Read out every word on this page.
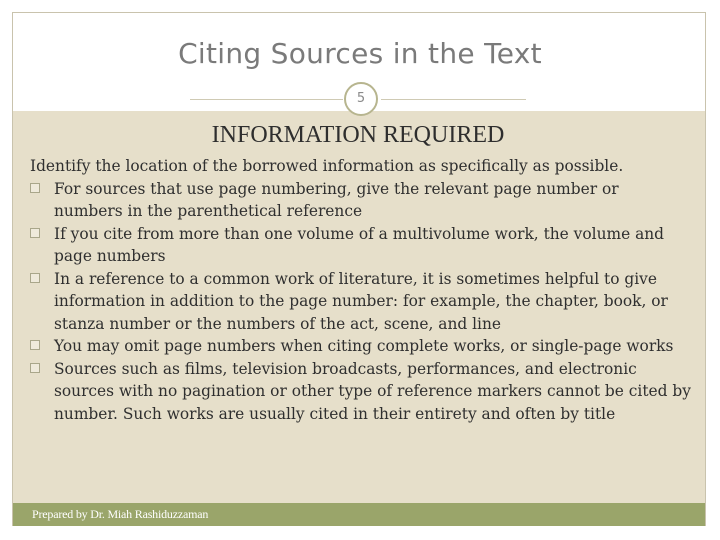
Citing Sources in the Text
5
INFORMATION REQUIRED

Identify the location of the borrowed information as specifically as possible.

For sources that use page numbering, give the relevant page number or numbers in the parenthetical reference
If you cite from more than one volume of a multivolume work, the volume and page numbers
In a reference to a common work of literature, it is sometimes helpful to give information in addition to the page number: for example, the chapter, book, or stanza number or the numbers of the act, scene, and line
You may omit page numbers when citing complete works, or single-page works
Sources such as films, television broadcasts, performances, and electronic sources with no pagination or other type of reference markers cannot be cited by number. Such works are usually cited in their entirety and often by title
Prepared by Dr. Miah Rashiduzzaman
